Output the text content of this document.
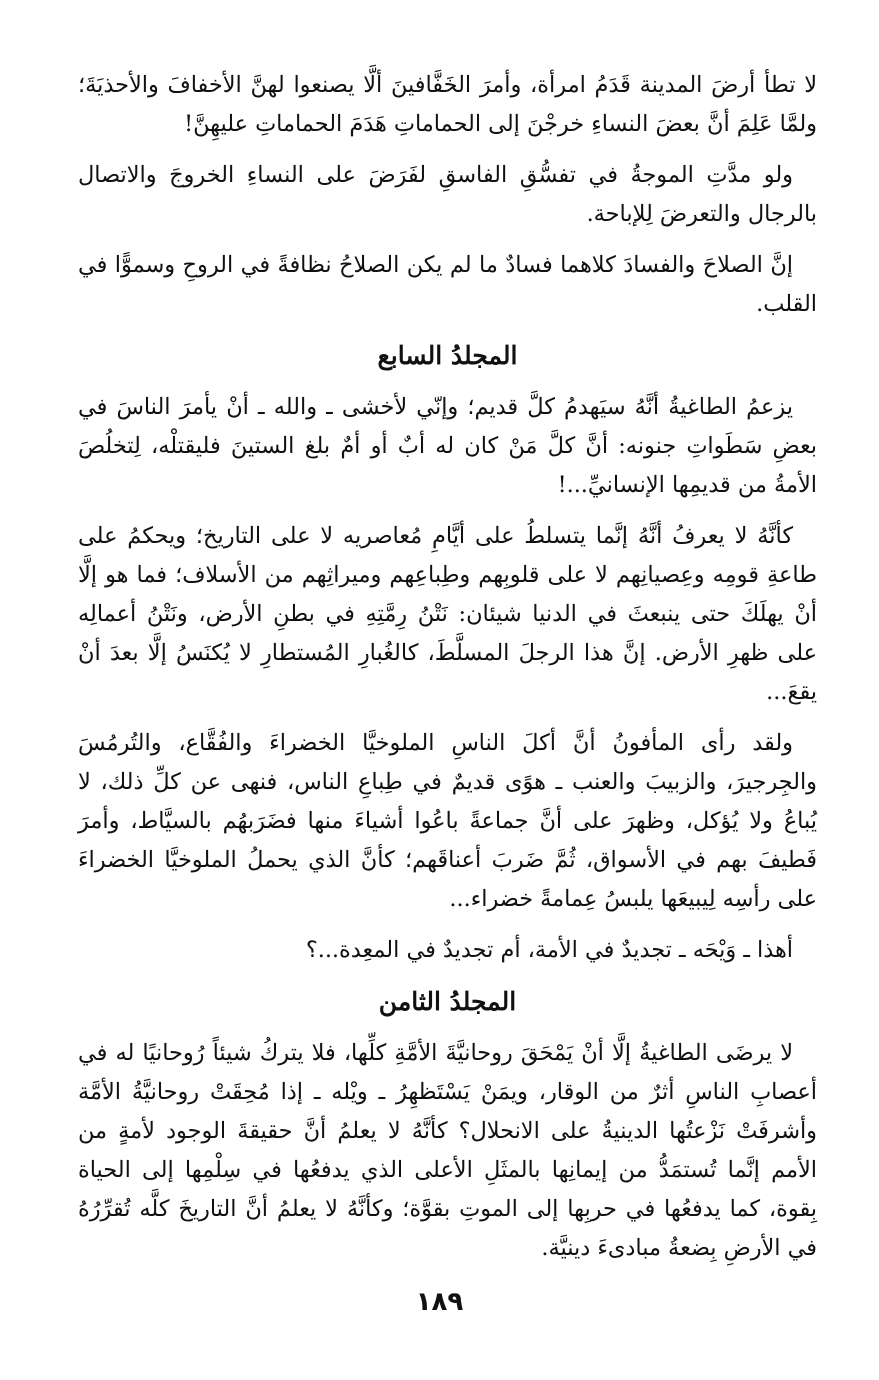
لا تطأ أرضَ المدينة قَدَمُ امرأة، وأمرَ الخَفَّافينَ ألَّا يصنعوا لهنَّ الأخفافَ والأحذيَةَ؛ ولمَّا عَلِمَ أنَّ بعضَ النساءِ خرجْنَ إلى الحماماتِ هَدَمَ الحماماتِ عليهِنَّ!

ولو مدَّتِ الموجةُ في تفسُّقِ الفاسقِ لفَرَضَ على النساءِ الخروجَ والاتصال بالرجال والتعرضَ لِلإباحة.

إنَّ الصلاحَ والفسادَ كلاهما فسادٌ ما لم يكن الصلاحُ نظافةً في الروحِ وسموًّا في القلب.

المجلدُ السابع

يزعمُ الطاغيةُ أنَّهُ سيَهدمُ كلَّ قديم؛ وإنّي لأخشى ـ والله ـ أنْ يأمرَ الناسَ في بعضِ سَطَواتِ جنونه: أنَّ كلَّ مَنْ كان له أبٌ أو أمٌ بلغ الستينَ فليقتلْه، لِتخلُصَ الأمةُ من قديمِها الإنسانيِّ...!

كأنَّهُ لا يعرفُ أنَّهُ إنَّما يتسلطُ على أيَّامِ مُعاصريه لا على التاريخ؛ ويحكمُ على طاعةِ قومِه وعِصيانِهم لا على قلوبِهم وطِباعِهم وميراثِهم من الأسلاف؛ فما هو إلَّا أنْ يهلَكَ حتى ينبعثَ في الدنيا شيئان: نَتْنُ رِمَّتِهِ في بطنِ الأرض، ونَتْنُ أعمالِه على ظهرِ الأرض. إنَّ هذا الرجلَ المسلَّطَ، كالغُبارِ المُستطارِ لا يُكنَسُ إلَّا بعدَ أنْ يقعَ...

ولقد رأى المأفونُ أنَّ أكلَ الناسِ الملوخيَّا الخضراءَ والفُقَّاع، والتُرمُسَ والجِرجيرَ، والزبيبَ والعنب ـ هوًى قديمٌ في طِباعِ الناس، فنهى عن كلِّ ذلك، لا يُباعُ ولا يُؤكل، وظهرَ على أنَّ جماعةً باعُوا أشياءَ منها فضَرَبهُم بالسيَّاط، وأمرَ فَطيفَ بهم في الأسواق، ثُمَّ ضَربَ أعناقَهم؛ كأنَّ الذي يحملُ الملوخيَّا الخضراءَ على رأسِه لِيبيعَها يلبسُ عِمامةً خضراء...

أهذا ـ وَيْحَه ـ تجديدٌ في الأمة، أم تجديدٌ في المعِدة...؟

المجلدُ الثامن

لا يرضَى الطاغيةُ إلَّا أنْ يَمْحَقَ روحانيَّةَ الأمَّةِ كلِّها، فلا يتركُ شيئاً رُوحانيًا له في أعصابِ الناسِ أثرٌ من الوقار، ويمَنْ يَسْتَظهِرُ ـ ويْله ـ إذا مُحِقَتْ روحانيَّةُ الأمَّة وأشرفَتْ نَزْعتُها الدينيةُ على الانحلال؟ كأنَّهُ لا يعلمُ أنَّ حقيقةَ الوجود لأمةٍ من الأمم إنَّما تُستمَدُّ من إيمانِها بالمثَلِ الأعلى الذي يدفعُها في سِلْمِها إلى الحياة بِقوة، كما يدفعُها في حربِها إلى الموتِ بقوَّة؛ وكأنَّهُ لا يعلمُ أنَّ التاريخَ كلَّه تُقرِّرُهُ في الأرضِ بِضعةُ مبادىءَ دينيَّة.

١٨٩
